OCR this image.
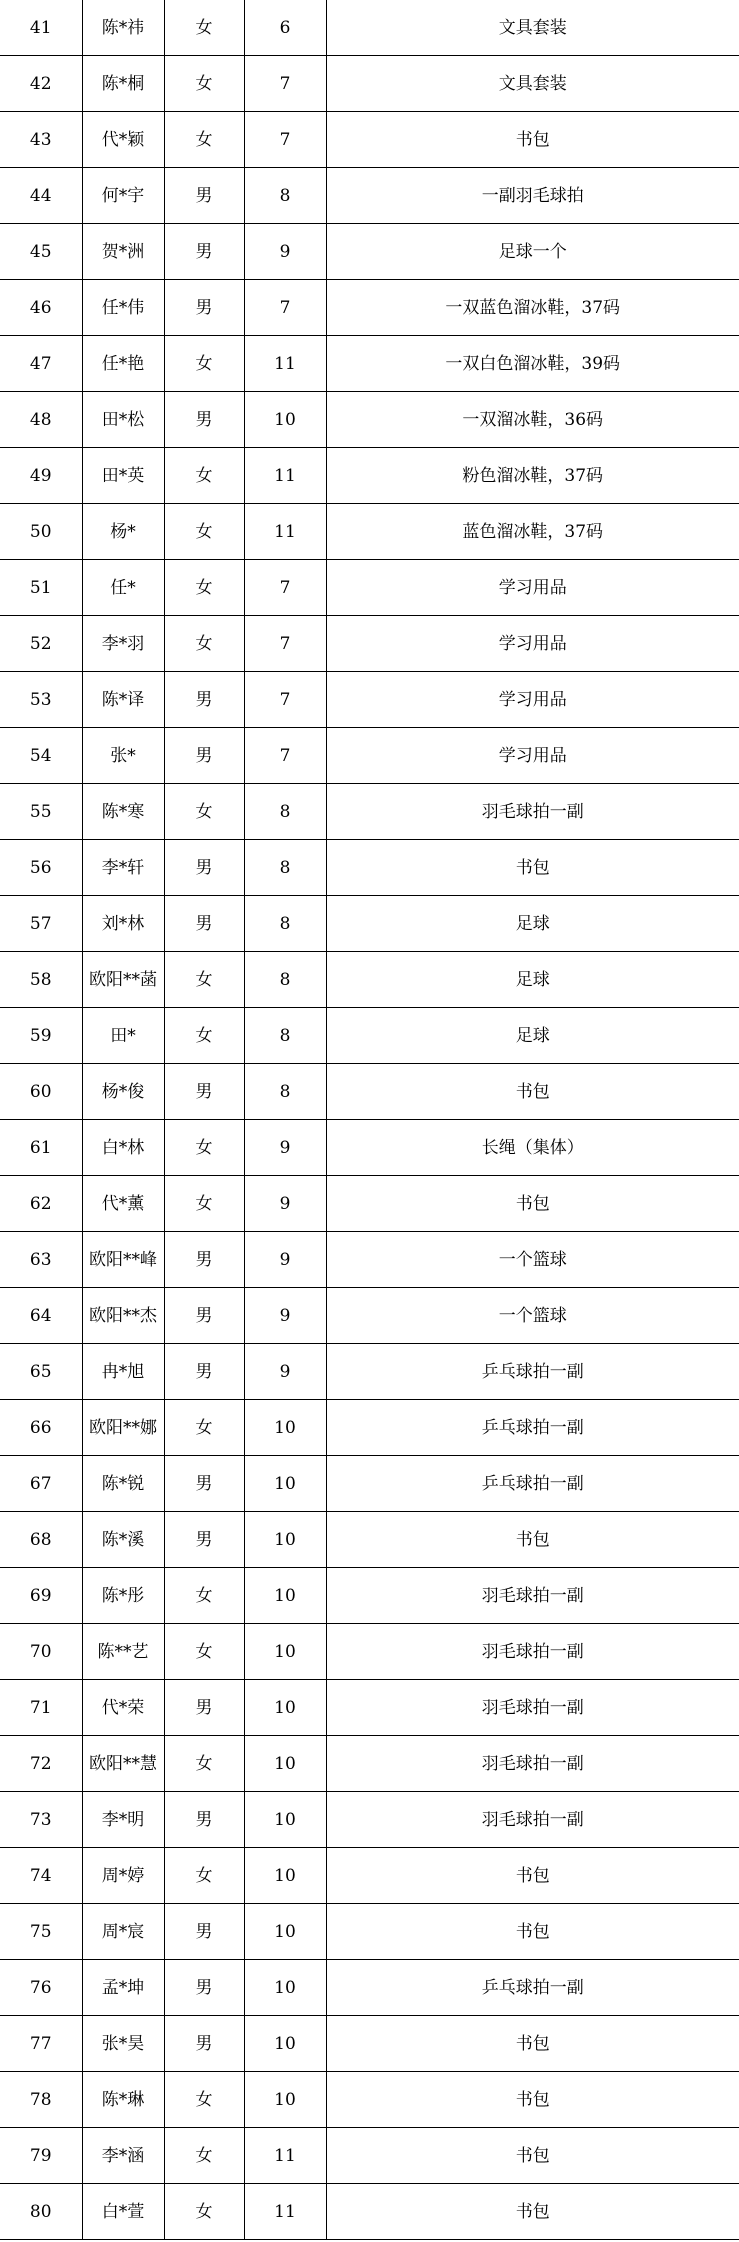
41	陈*祎	女	6	文具套装
42	陈*桐	女	7	文具套装
43	代*颖	女	7	书包
44	何*宇	男	8	一副羽毛球拍
45	贺*洲	男	9	足球一个
46	任*伟	男	7	一双蓝色溜冰鞋，37码
47	任*艳	女	11	一双白色溜冰鞋，39码
48	田*松	男	10	一双溜冰鞋，36码
49	田*英	女	11	粉色溜冰鞋，37码
50	杨*	女	11	蓝色溜冰鞋，37码
51	任*	女	7	学习用品
52	李*羽	女	7	学习用品
53	陈*译	男	7	学习用品
54	张*	男	7	学习用品
55	陈*寒	女	8	羽毛球拍一副
56	李*轩	男	8	书包
57	刘*林	男	8	足球
58	欧阳**菡	女	8	足球
59	田*	女	8	足球
60	杨*俊	男	8	书包
61	白*林	女	9	长绳（集体）
62	代*薰	女	9	书包
63	欧阳**峰	男	9	一个篮球
64	欧阳**杰	男	9	一个篮球
65	冉*旭	男	9	乒乓球拍一副
66	欧阳**娜	女	10	乒乓球拍一副
67	陈*锐	男	10	乒乓球拍一副
68	陈*溪	男	10	书包
69	陈*彤	女	10	羽毛球拍一副
70	陈**艺	女	10	羽毛球拍一副
71	代*荣	男	10	羽毛球拍一副
72	欧阳**慧	女	10	羽毛球拍一副
73	李*明	男	10	羽毛球拍一副
74	周*婷	女	10	书包
75	周*宸	男	10	书包
76	孟*坤	男	10	乒乓球拍一副
77	张*昊	男	10	书包
78	陈*琳	女	10	书包
79	李*涵	女	11	书包
80	白*萱	女	11	书包
